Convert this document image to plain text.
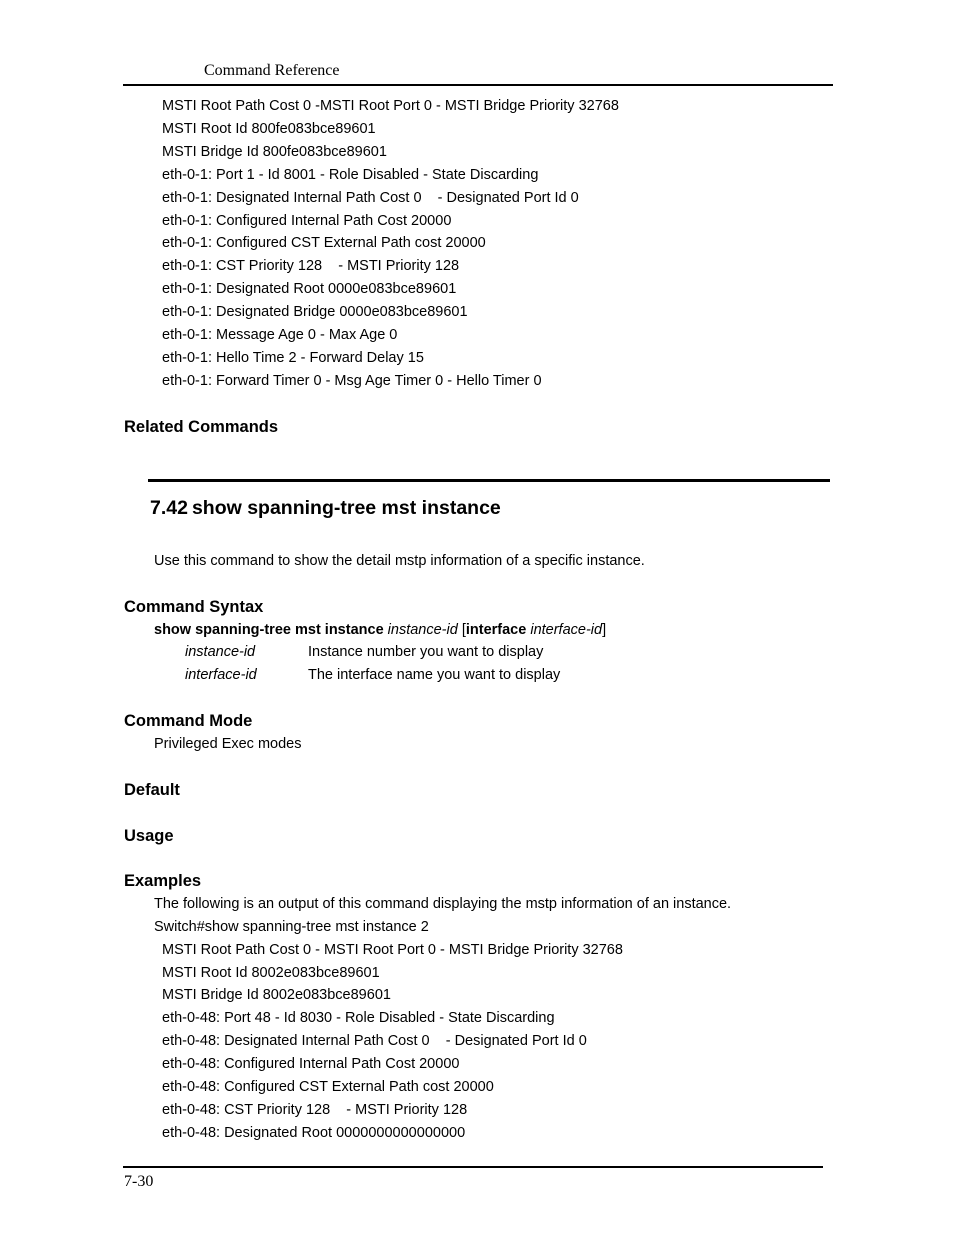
Command Reference
MSTI Root Path Cost 0 -MSTI Root Port 0 - MSTI Bridge Priority 32768
MSTI Root Id 800fe083bce89601
MSTI Bridge Id 800fe083bce89601
eth-0-1: Port 1 - Id 8001 - Role Disabled - State Discarding
eth-0-1: Designated Internal Path Cost 0    - Designated Port Id 0
eth-0-1: Configured Internal Path Cost 20000
eth-0-1: Configured CST External Path cost 20000
eth-0-1: CST Priority 128    - MSTI Priority 128
eth-0-1: Designated Root 0000e083bce89601
eth-0-1: Designated Bridge 0000e083bce89601
eth-0-1: Message Age 0 - Max Age 0
eth-0-1: Hello Time 2 - Forward Delay 15
eth-0-1: Forward Timer 0 - Msg Age Timer 0 - Hello Timer 0
Related Commands
7.42 show spanning-tree mst instance
Use this command to show the detail mstp information of a specific instance.
Command Syntax
show spanning-tree mst instance instance-id [interface interface-id]
instance-id	Instance number you want to display
interface-id	The interface name you want to display
Command Mode
Privileged Exec modes
Default
Usage
Examples
The following is an output of this command displaying the mstp information of an instance.
Switch#show spanning-tree mst instance 2
MSTI Root Path Cost 0 - MSTI Root Port 0 - MSTI Bridge Priority 32768
MSTI Root Id 8002e083bce89601
MSTI Bridge Id 8002e083bce89601
eth-0-48: Port 48 - Id 8030 - Role Disabled - State Discarding
eth-0-48: Designated Internal Path Cost 0    - Designated Port Id 0
eth-0-48: Configured Internal Path Cost 20000
eth-0-48: Configured CST External Path cost 20000
eth-0-48: CST Priority 128    - MSTI Priority 128
eth-0-48: Designated Root 0000000000000000
7-30
